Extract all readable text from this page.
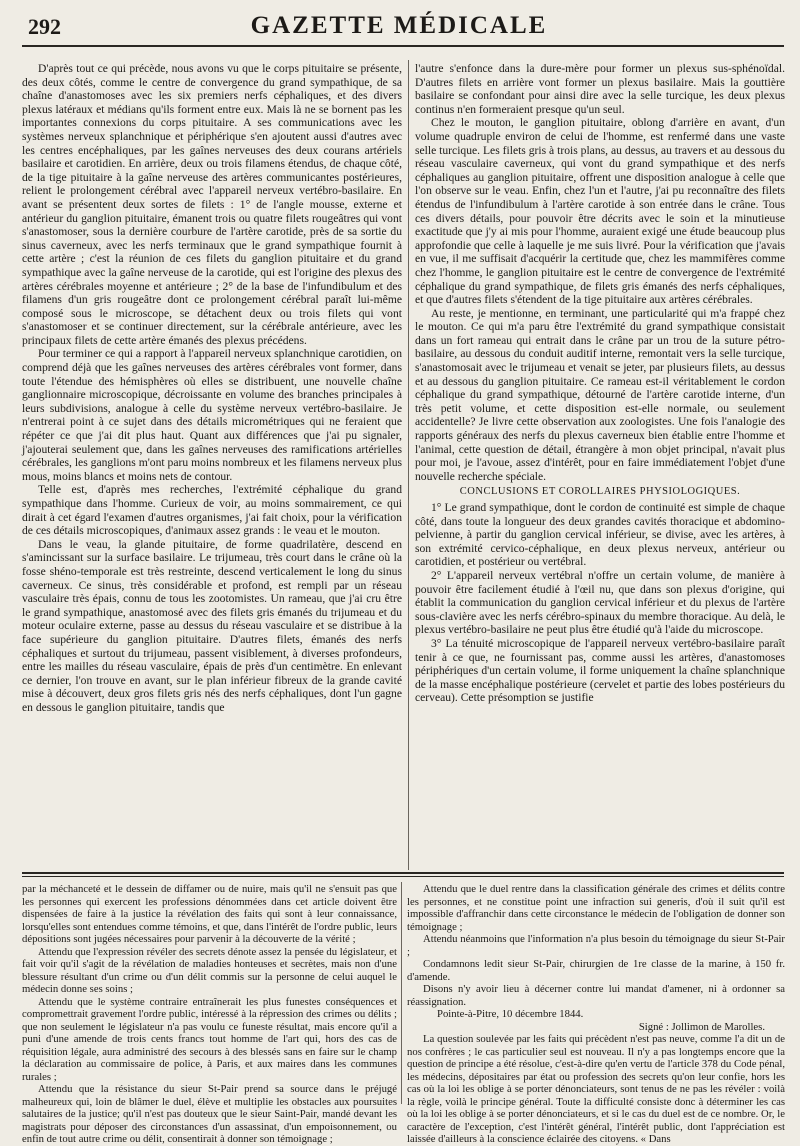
292	GAZETTE MÉDICALE

D'après tout ce qui précède, nous avons vu que le corps pituitaire se présente, des deux côtés, comme le centre de convergence du grand sympathique, de sa chaîne d'anastomoses avec les six premiers nerfs céphaliques, et des divers plexus latéraux et médians qu'ils forment entre eux. Mais là ne se bornent pas les importantes connexions du corps pituitaire. A ses communications avec les systèmes nerveux splanchnique et périphérique s'en ajoutent aussi d'autres avec les centres encéphaliques, par les gaînes nerveuses des deux courans artériels basilaire et carotidien. En arrière, deux ou trois filamens étendus, de chaque côté, de la tige pituitaire à la gaîne nerveuse des artères communicantes postérieures, relient le prolongement cérébral avec l'appareil nerveux vertébro-basilaire. En avant se présentent deux sortes de filets : 1° de l'angle mousse, externe et antérieur du ganglion pituitaire, émanent trois ou quatre filets rougeâtres qui vont s'anastomoser, sous la dernière courbure de l'artère carotide, près de sa sortie du sinus caverneux, avec les nerfs terminaux que le grand sympathique fournit à cette artère ; c'est la réunion de ces filets du ganglion pituitaire et du grand sympathique avec la gaîne nerveuse de la carotide, qui est l'origine des plexus des artères cérébrales moyenne et antérieure ; 2° de la base de l'infundibulum et des filamens d'un gris rougeâtre dont ce prolongement cérébral paraît lui-même composé sous le microscope, se détachent deux ou trois filets qui vont s'anastomoser et se continuer directement, sur la cérébrale antérieure, avec les principaux filets de cette artère émanés des plexus précédens.

Pour terminer ce qui a rapport à l'appareil nerveux splanchnique carotidien, on comprend déjà que les gaînes nerveuses des artères cérébrales vont former, dans toute l'étendue des hémisphères où elles se distribuent, une nouvelle chaîne ganglionnaire microscopique, décroissante en volume des branches principales à leurs subdivisions, analogue à celle du système nerveux vertébro-basilaire. Je n'entrerai point à ce sujet dans des détails micrométriques qui ne feraient que répéter ce que j'ai dit plus haut. Quant aux différences que j'ai pu signaler, j'ajouterai seulement que, dans les gaînes nerveuses des ramifications artérielles cérébrales, les ganglions m'ont paru moins nombreux et les filamens nerveux plus mous, moins blancs et moins nets de contour.

Telle est, d'après mes recherches, l'extrémité céphalique du grand sympathique dans l'homme. Curieux de voir, au moins sommairement, ce qui dirait à cet égard l'examen d'autres organismes, j'ai fait choix, pour la vérification de ces détails microscopiques, d'animaux assez grands : le veau et le mouton.

Dans le veau, la glande pituitaire, de forme quadrilatère, descend en s'amincissant sur la surface basilaire. Le trijumeau, très court dans le crâne où la fosse shéno-temporale est très restreinte, descend verticalement le long du sinus caverneux. Ce sinus, très considérable et profond, est rempli par un réseau vasculaire très épais, connu de tous les zootomistes. Un rameau, que j'ai cru être le grand sympathique, anastomosé avec des filets gris émanés du trijumeau et du moteur oculaire externe, passe au dessus du réseau vasculaire et se distribue à la face supérieure du ganglion pituitaire. D'autres filets, émanés des nerfs céphaliques et surtout du trijumeau, passent visiblement, à diverses profondeurs, entre les mailles du réseau vasculaire, épais de près d'un centimètre. En enlevant ce dernier, l'on trouve en avant, sur le plan inférieur fibreux de la grande cavité mise à découvert, deux gros filets gris nés des nerfs céphaliques, dont l'un gagne en dessous le ganglion pituitaire, tandis que

l'autre s'enfonce dans la dure-mère pour former un plexus sus-sphénoïdal. D'autres filets en arrière vont former un plexus basilaire. Mais la gouttière basilaire se confondant pour ainsi dire avec la selle turcique, les deux plexus continus n'en formeraient presque qu'un seul.

Chez le mouton, le ganglion pituitaire, oblong d'arrière en avant, d'un volume quadruple environ de celui de l'homme, est renfermé dans une vaste selle turcique. Les filets gris à trois plans, au dessus, au travers et au dessous du réseau vasculaire caverneux, qui vont du grand sympathique et des nerfs céphaliques au ganglion pituitaire, offrent une disposition analogue à celle que l'on observe sur le veau. Enfin, chez l'un et l'autre, j'ai pu reconnaître des filets étendus de l'infundibulum à l'artère carotide à son entrée dans le crâne. Tous ces divers détails, pour pouvoir être décrits avec le soin et la minutieuse exactitude que j'y ai mis pour l'homme, auraient exigé une étude beaucoup plus approfondie que celle à laquelle je me suis livré. Pour la vérification que j'avais en vue, il me suffisait d'acquérir la certitude que, chez les mammifères comme chez l'homme, le ganglion pituitaire est le centre de convergence de l'extrémité céphalique du grand sympathique, de filets gris émanés des nerfs céphaliques, et que d'autres filets s'étendent de la tige pituitaire aux artères cérébrales.

Au reste, je mentionne, en terminant, une particularité qui m'a frappé chez le mouton. Ce qui m'a paru être l'extrémité du grand sympathique consistait dans un fort rameau qui entrait dans le crâne par un trou de la suture pétro-basilaire, au dessous du conduit auditif interne, remontait vers la selle turcique, s'anastomosait avec le trijumeau et venait se jeter, par plusieurs filets, au dessus et au dessous du ganglion pituitaire. Ce rameau est-il véritablement le cordon céphalique du grand sympathique, détourné de l'artère carotide interne, d'un très petit volume, et cette disposition est-elle normale, ou seulement accidentelle? Je livre cette observation aux zoologistes. Une fois l'analogie des rapports généraux des nerfs du plexus caverneux bien établie entre l'homme et l'animal, cette question de détail, étrangère à mon objet principal, n'avait plus pour moi, je l'avoue, assez d'intérêt, pour en faire immédiatement l'objet d'une nouvelle recherche spéciale.

CONCLUSIONS ET COROLLAIRES PHYSIOLOGIQUES.

1° Le grand sympathique, dont le cordon de continuité est simple de chaque côté, dans toute la longueur des deux grandes cavités thoracique et abdomino-pelvienne, à partir du ganglion cervical inférieur, se divise, avec les artères, à son extrémité cervico-céphalique, en deux plexus nerveux, antérieur ou carotidien, et postérieur ou vertébral.

2° L'appareil nerveux vertébral n'offre un certain volume, de manière à pouvoir être facilement étudié à l'œil nu, que dans son plexus d'origine, qui établit la communication du ganglion cervical inférieur et du plexus de l'artère sous-clavière avec les nerfs cérébro-spinaux du membre thoracique. Au delà, le plexus vertébro-basilaire ne peut plus être étudié qu'à l'aide du microscope.

3° La ténuité microscopique de l'appareil nerveux vertébro-basilaire paraît tenir à ce que, ne fournissant pas, comme aussi les artères, d'anastomoses périphériques d'un certain volume, il forme uniquement la chaîne splanchnique de la masse encéphalique postérieure (cervelet et partie des lobes postérieurs du cerveau). Cette présomption se justifie

par la méchanceté et le dessein de diffamer ou de nuire, mais qu'il ne s'ensuit pas que les personnes qui exercent les professions dénommées dans cet article doivent être dispensées de faire à la justice la révélation des faits qui sont à leur connaissance, lorsqu'elles sont entendues comme témoins, et que, dans l'intérêt de l'ordre public, leurs dépositions sont jugées nécessaires pour parvenir à la découverte de la vérité ;

Attendu que l'expression révéler des secrets dénote assez la pensée du législateur, et fait voir qu'il s'agit de la révélation de maladies honteuses et secrètes, mais non d'une blessure résultant d'un crime ou d'un délit commis sur la personne de celui auquel le médecin donne ses soins ;

Attendu que le système contraire entraînerait les plus funestes conséquences et compromettrait gravement l'ordre public, intéressé à la répression des crimes ou délits ; que non seulement le législateur n'a pas voulu ce funeste résultat, mais encore qu'il a puni d'une amende de trois cents francs tout homme de l'art qui, hors des cas de réquisition légale, aura administré des secours à des blessés sans en faire sur le champ la déclaration au commissaire de police, à Paris, et aux maires dans les communes rurales ;

Attendu que la résistance du sieur St-Pair prend sa source dans le préjugé malheureux qui, loin de blâmer le duel, élève et multiplie les obstacles aux poursuites salutaires de la justice; qu'il n'est pas douteux que le sieur Saint-Pair, mandé devant les magistrats pour déposer des circonstances d'un assassinat, d'un empoisonnement, ou enfin de tout autre crime ou délit, consentirait à donner son témoignage ;

Attendu que le duel rentre dans la classification générale des crimes et délits contre les personnes, et ne constitue point une infraction sui generis, d'où il suit qu'il est impossible d'affranchir dans cette circonstance le médecin de l'obligation de donner son témoignage ;

Attendu néanmoins que l'information n'a plus besoin du témoignage du sieur St-Pair ;

Condamnons ledit sieur St-Pair, chirurgien de 1re classe de la marine, à 150 fr. d'amende.

Disons n'y avoir lieu à décerner contre lui mandat d'amener, ni à ordonner sa réassignation.

Pointe-à-Pitre, 10 décembre 1844.

Signé : Jollimon de Marolles.

La question soulevée par les faits qui précèdent n'est pas neuve, comme l'a dit un de nos confrères ; le cas particulier seul est nouveau. Il n'y a pas longtemps encore que la question de principe a été résolue, c'est-à-dire qu'en vertu de l'article 378 du Code pénal, les médecins, dépositaires par état ou profession des secrets qu'on leur confie, hors les cas où la loi les oblige à se porter dénonciateurs, sont tenus de ne pas les révéler : voilà la règle, voilà le principe général. Toute la difficulté consiste donc à déterminer les cas où la loi les oblige à se porter dénonciateurs, et si le cas du duel est de ce nombre. Or, le caractère de l'exception, c'est l'intérêt général, l'intérêt public, dont l'appréciation est laissée d'ailleurs à la conscience éclairée des citoyens. « Dans
